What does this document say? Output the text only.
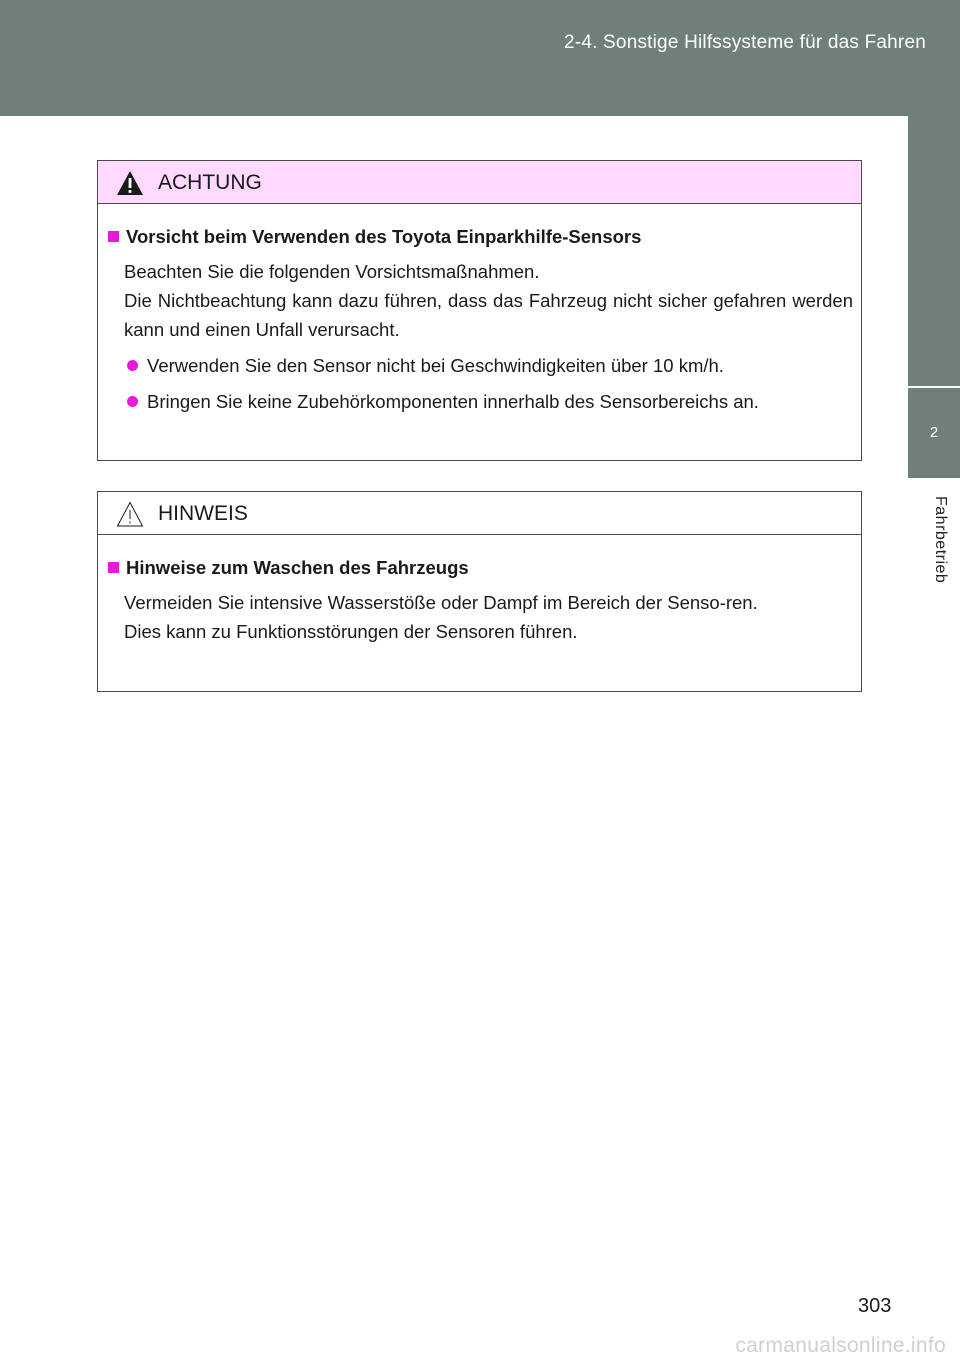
2-4. Sonstige Hilfssysteme für das Fahren
2
Fahrbetrieb
ACHTUNG
Vorsicht beim Verwenden des Toyota Einparkhilfe-Sensors
Beachten Sie die folgenden Vorsichtsmaßnahmen.
Die Nichtbeachtung kann dazu führen, dass das Fahrzeug nicht sicher gefahren werden kann und einen Unfall verursacht.
Verwenden Sie den Sensor nicht bei Geschwindigkeiten über 10 km/h.
Bringen Sie keine Zubehörkomponenten innerhalb des Sensorbereichs an.
HINWEIS
Hinweise zum Waschen des Fahrzeugs
Vermeiden Sie intensive Wasserstöße oder Dampf im Bereich der Senso-ren.
Dies kann zu Funktionsstörungen der Sensoren führen.
303
carmanualsonline.info
